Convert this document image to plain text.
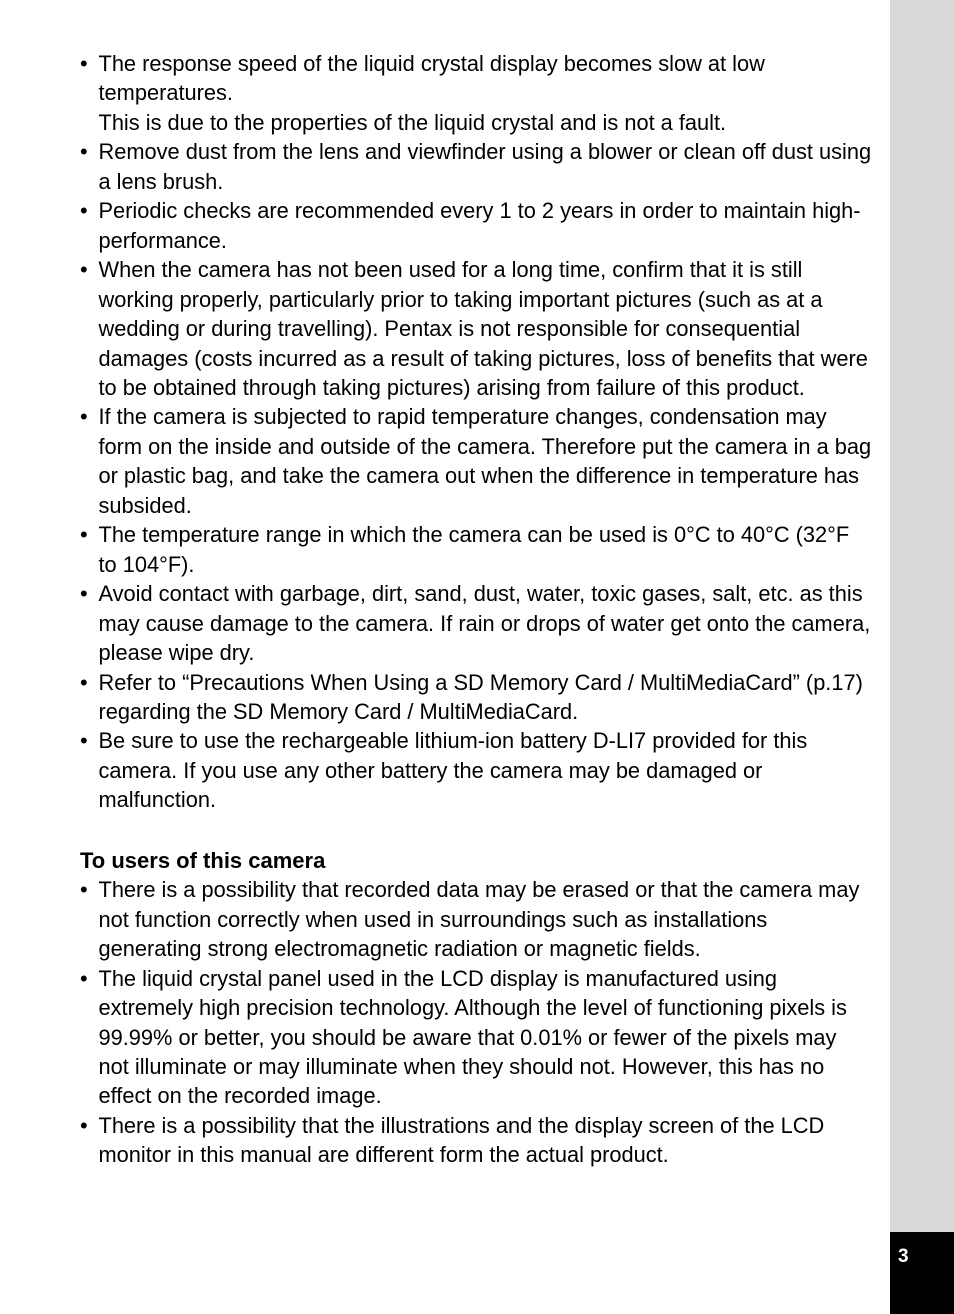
3
• The response speed of the liquid crystal display becomes slow at low temperatures.
This is due to the properties of the liquid crystal and is not a fault.
• Remove dust from the lens and viewfinder using a blower or clean off dust using a lens brush.
• Periodic checks are recommended every 1 to 2 years in order to maintain high-performance.
• When the camera has not been used for a long time, confirm that it is still working properly, particularly prior to taking important pictures (such as at a wedding or during travelling). Pentax is not responsible for consequential damages (costs incurred as a result of taking pictures, loss of benefits that were to be obtained through taking pictures) arising from failure of this product.
• If the camera is subjected to rapid temperature changes, condensation may form on the inside and outside of the camera. Therefore put the camera in a bag or plastic bag, and take the camera out when the difference in temperature has subsided.
• The temperature range in which the camera can be used is 0°C to 40°C (32°F to 104°F).
• Avoid contact with garbage, dirt, sand, dust, water, toxic gases, salt, etc. as this may cause damage to the camera. If rain or drops of water get onto the camera, please wipe dry.
• Refer to “Precautions When Using a SD Memory Card / MultiMediaCard” (p.17) regarding the SD Memory Card / MultiMediaCard.
• Be sure to use the rechargeable lithium-ion battery D-LI7 provided for this camera. If you use any other battery the camera may be damaged or malfunction.
To users of this camera
• There is a possibility that recorded data may be erased or that the camera may not function correctly when used in surroundings such as installations generating strong electromagnetic radiation or magnetic fields.
• The liquid crystal panel used in the LCD display is manufactured using extremely high precision technology. Although the level of functioning pixels is 99.99% or better, you should be aware that 0.01% or fewer of the pixels may not illuminate or may illuminate when they should not. However, this has no effect on the recorded image.
• There is a possibility that the illustrations and the display screen of the LCD monitor in this manual are different form the actual product.
